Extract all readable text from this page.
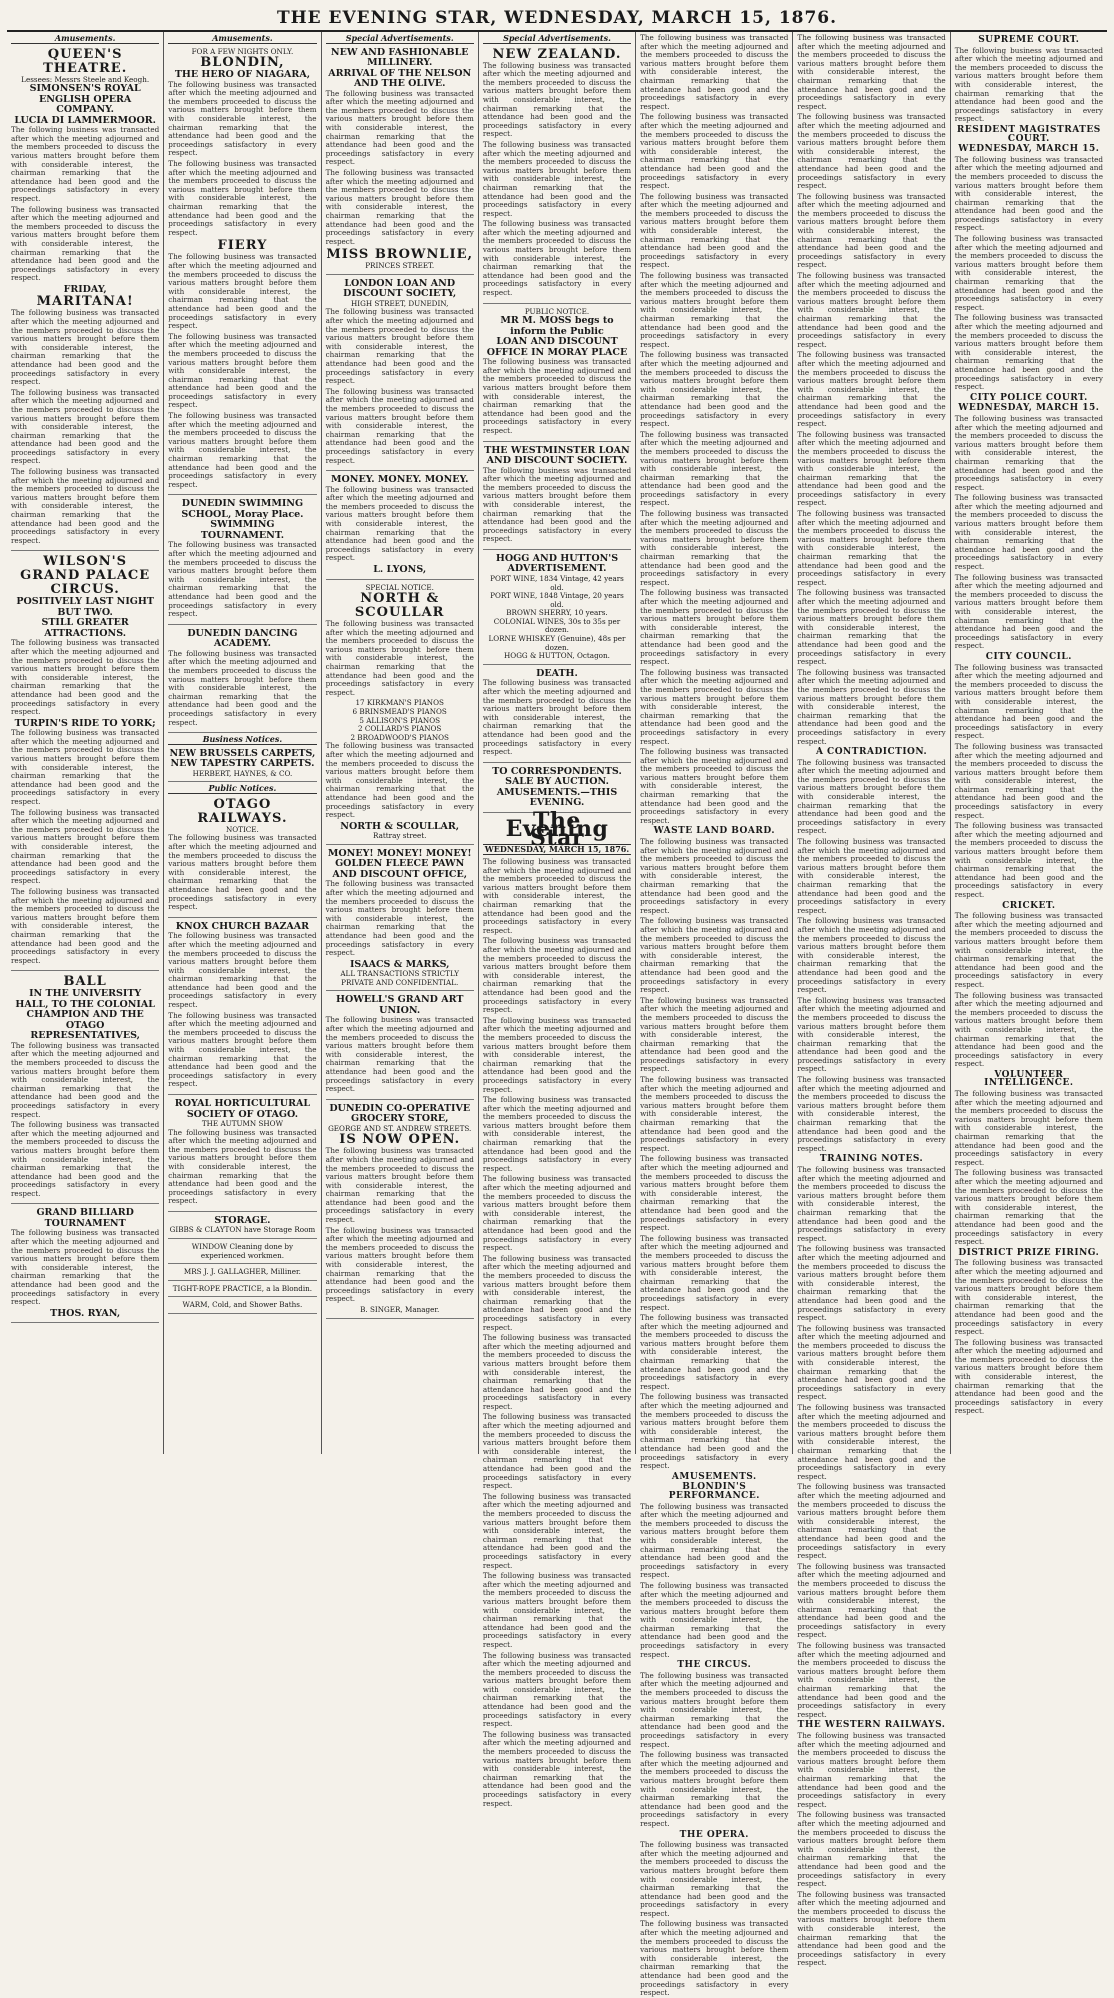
THE EVENING STAR, WEDNESDAY, MARCH 15, 1876.
Amusements.
QUEEN'S THEATRE.
Lessees: Messrs Steele and Keogh.
SIMONSEN'S ROYAL ENGLISH OPERA COMPANY.
LUCIA DI LAMMERMOOR.

The following business was transacted after which the meeting adjourned and the members proceeded to discuss the various matters brought before them with considerable interest, the chairman remarking that the attendance had been good and the proceedings satisfactory in every respect.

The following business was transacted after which the meeting adjourned and the members proceeded to discuss the various matters brought before them with considerable interest, the chairman remarking that the attendance had been good and the proceedings satisfactory in every respect.

FRIDAY,
MARITANA!

The following business was transacted after which the meeting adjourned and the members proceeded to discuss the various matters brought before them with considerable interest, the chairman remarking that the attendance had been good and the proceedings satisfactory in every respect.

The following business was transacted after which the meeting adjourned and the members proceeded to discuss the various matters brought before them with considerable interest, the chairman remarking that the attendance had been good and the proceedings satisfactory in every respect.

The following business was transacted after which the meeting adjourned and the members proceeded to discuss the various matters brought before them with considerable interest, the chairman remarking that the attendance had been good and the proceedings satisfactory in every respect.

WILSON'S GRAND PALACE CIRCUS.
POSITIVELY LAST NIGHT BUT TWO.
STILL GREATER ATTRACTIONS.

The following business was transacted after which the meeting adjourned and the members proceeded to discuss the various matters brought before them with considerable interest, the chairman remarking that the attendance had been good and the proceedings satisfactory in every respect.

TURPIN'S RIDE TO YORK;

The following business was transacted after which the meeting adjourned and the members proceeded to discuss the various matters brought before them with considerable interest, the chairman remarking that the attendance had been good and the proceedings satisfactory in every respect.

The following business was transacted after which the meeting adjourned and the members proceeded to discuss the various matters brought before them with considerable interest, the chairman remarking that the attendance had been good and the proceedings satisfactory in every respect.

The following business was transacted after which the meeting adjourned and the members proceeded to discuss the various matters brought before them with considerable interest, the chairman remarking that the attendance had been good and the proceedings satisfactory in every respect.

BALL
IN THE UNIVERSITY HALL, TO THE COLONIAL CHAMPION AND THE OTAGO REPRESENTATIVES,

The following business was transacted after which the meeting adjourned and the members proceeded to discuss the various matters brought before them with considerable interest, the chairman remarking that the attendance had been good and the proceedings satisfactory in every respect.

The following business was transacted after which the meeting adjourned and the members proceeded to discuss the various matters brought before them with considerable interest, the chairman remarking that the attendance had been good and the proceedings satisfactory in every respect.

GRAND BILLIARD TOURNAMENT

The following business was transacted after which the meeting adjourned and the members proceeded to discuss the various matters brought before them with considerable interest, the chairman remarking that the attendance had been good and the proceedings satisfactory in every respect.

THOS. RYAN,
Amusements.
FOR A FEW NIGHTS ONLY.
BLONDIN,
THE HERO OF NIAGARA,

The following business was transacted after which the meeting adjourned and the members proceeded to discuss the various matters brought before them with considerable interest, the chairman remarking that the attendance had been good and the proceedings satisfactory in every respect.

The following business was transacted after which the meeting adjourned and the members proceeded to discuss the various matters brought before them with considerable interest, the chairman remarking that the attendance had been good and the proceedings satisfactory in every respect.

FIERY

The following business was transacted after which the meeting adjourned and the members proceeded to discuss the various matters brought before them with considerable interest, the chairman remarking that the attendance had been good and the proceedings satisfactory in every respect.

The following business was transacted after which the meeting adjourned and the members proceeded to discuss the various matters brought before them with considerable interest, the chairman remarking that the attendance had been good and the proceedings satisfactory in every respect.

The following business was transacted after which the meeting adjourned and the members proceeded to discuss the various matters brought before them with considerable interest, the chairman remarking that the attendance had been good and the proceedings satisfactory in every respect.

DUNEDIN SWIMMING SCHOOL, Moray Place.
SWIMMING TOURNAMENT.

The following business was transacted after which the meeting adjourned and the members proceeded to discuss the various matters brought before them with considerable interest, the chairman remarking that the attendance had been good and the proceedings satisfactory in every respect.

DUNEDIN DANCING ACADEMY.

The following business was transacted after which the meeting adjourned and the members proceeded to discuss the various matters brought before them with considerable interest, the chairman remarking that the attendance had been good and the proceedings satisfactory in every respect.

Business Notices.
NEW BRUSSELS CARPETS, NEW TAPESTRY CARPETS.
HERBERT, HAYNES, & CO.
Public Notices.
OTAGO RAILWAYS.
NOTICE.

The following business was transacted after which the meeting adjourned and the members proceeded to discuss the various matters brought before them with considerable interest, the chairman remarking that the attendance had been good and the proceedings satisfactory in every respect.

KNOX CHURCH BAZAAR

The following business was transacted after which the meeting adjourned and the members proceeded to discuss the various matters brought before them with considerable interest, the chairman remarking that the attendance had been good and the proceedings satisfactory in every respect.

The following business was transacted after which the meeting adjourned and the members proceeded to discuss the various matters brought before them with considerable interest, the chairman remarking that the attendance had been good and the proceedings satisfactory in every respect.

ROYAL HORTICULTURAL SOCIETY OF OTAGO.
THE AUTUMN SHOW

The following business was transacted after which the meeting adjourned and the members proceeded to discuss the various matters brought before them with considerable interest, the chairman remarking that the attendance had been good and the proceedings satisfactory in every respect.

STORAGE.
GIBBS & CLAYTON have Storage Room
WINDOW Cleaning done by experienced workmen.
MRS J. J. GALLAGHER, Milliner.
TIGHT-ROPE PRACTICE, a la Blondin.
WARM, Cold, and Shower Baths.
Special Advertisements.
NEW AND FASHIONABLE MILLINERY.
ARRIVAL OF THE NELSON AND THE OLIVE.

The following business was transacted after which the meeting adjourned and the members proceeded to discuss the various matters brought before them with considerable interest, the chairman remarking that the attendance had been good and the proceedings satisfactory in every respect.

The following business was transacted after which the meeting adjourned and the members proceeded to discuss the various matters brought before them with considerable interest, the chairman remarking that the attendance had been good and the proceedings satisfactory in every respect.

MISS BROWNLIE,
PRINCES STREET.
LONDON LOAN AND DISCOUNT SOCIETY,
HIGH STREET, DUNEDIN,

The following business was transacted after which the meeting adjourned and the members proceeded to discuss the various matters brought before them with considerable interest, the chairman remarking that the attendance had been good and the proceedings satisfactory in every respect.

The following business was transacted after which the meeting adjourned and the members proceeded to discuss the various matters brought before them with considerable interest, the chairman remarking that the attendance had been good and the proceedings satisfactory in every respect.

MONEY. MONEY. MONEY.

The following business was transacted after which the meeting adjourned and the members proceeded to discuss the various matters brought before them with considerable interest, the chairman remarking that the attendance had been good and the proceedings satisfactory in every respect.

L. LYONS,
SPECIAL NOTICE.
NORTH & SCOULLAR

The following business was transacted after which the meeting adjourned and the members proceeded to discuss the various matters brought before them with considerable interest, the chairman remarking that the attendance had been good and the proceedings satisfactory in every respect.

17 KIRKMAN'S PIANOS
6 BRINSMEAD'S PIANOS
5 ALLISON'S PIANOS
2 COLLARD'S PIANOS
2 BROADWOOD'S PIANOS

The following business was transacted after which the meeting adjourned and the members proceeded to discuss the various matters brought before them with considerable interest, the chairman remarking that the attendance had been good and the proceedings satisfactory in every respect.

NORTH & SCOULLAR,
Rattray street.
MONEY! MONEY! MONEY!
GOLDEN FLEECE PAWN AND DISCOUNT OFFICE,

The following business was transacted after which the meeting adjourned and the members proceeded to discuss the various matters brought before them with considerable interest, the chairman remarking that the attendance had been good and the proceedings satisfactory in every respect.

ISAACS & MARKS,
ALL TRANSACTIONS STRICTLY PRIVATE AND CONFIDENTIAL.
HOWELL'S GRAND ART UNION.

The following business was transacted after which the meeting adjourned and the members proceeded to discuss the various matters brought before them with considerable interest, the chairman remarking that the attendance had been good and the proceedings satisfactory in every respect.

DUNEDIN CO-OPERATIVE GROCERY STORE,
GEORGE AND ST. ANDREW STREETS.
IS NOW OPEN.

The following business was transacted after which the meeting adjourned and the members proceeded to discuss the various matters brought before them with considerable interest, the chairman remarking that the attendance had been good and the proceedings satisfactory in every respect.

The following business was transacted after which the meeting adjourned and the members proceeded to discuss the various matters brought before them with considerable interest, the chairman remarking that the attendance had been good and the proceedings satisfactory in every respect.

B. SINGER, Manager.
Special Advertisements.
NEW ZEALAND.

The following business was transacted after which the meeting adjourned and the members proceeded to discuss the various matters brought before them with considerable interest, the chairman remarking that the attendance had been good and the proceedings satisfactory in every respect.

The following business was transacted after which the meeting adjourned and the members proceeded to discuss the various matters brought before them with considerable interest, the chairman remarking that the attendance had been good and the proceedings satisfactory in every respect.

The following business was transacted after which the meeting adjourned and the members proceeded to discuss the various matters brought before them with considerable interest, the chairman remarking that the attendance had been good and the proceedings satisfactory in every respect.

PUBLIC NOTICE.
MR M. MOSS begs to inform the Public
LOAN AND DISCOUNT OFFICE IN MORAY PLACE

The following business was transacted after which the meeting adjourned and the members proceeded to discuss the various matters brought before them with considerable interest, the chairman remarking that the attendance had been good and the proceedings satisfactory in every respect.

THE WESTMINSTER LOAN AND DISCOUNT SOCIETY.

The following business was transacted after which the meeting adjourned and the members proceeded to discuss the various matters brought before them with considerable interest, the chairman remarking that the attendance had been good and the proceedings satisfactory in every respect.

HOGG AND HUTTON'S ADVERTISEMENT.
PORT WINE, 1834 Vintage, 42 years old.
PORT WINE, 1848 Vintage, 20 years old.
BROWN SHERRY, 10 years.
COLONIAL WINES, 30s to 35s per dozen.
LORNE WHISKEY (Genuine), 48s per dozen.
HOGG & HUTTON, Octagon.
DEATH.

The following business was transacted after which the meeting adjourned and the members proceeded to discuss the various matters brought before them with considerable interest, the chairman remarking that the attendance had been good and the proceedings satisfactory in every respect.

TO CORRESPONDENTS.
SALE BY AUCTION.
AMUSEMENTS.—THIS EVENING.
The Evening Star
WEDNESDAY, MARCH 15, 1876.

The following business was transacted after which the meeting adjourned and the members proceeded to discuss the various matters brought before them with considerable interest, the chairman remarking that the attendance had been good and the proceedings satisfactory in every respect.

The following business was transacted after which the meeting adjourned and the members proceeded to discuss the various matters brought before them with considerable interest, the chairman remarking that the attendance had been good and the proceedings satisfactory in every respect.

The following business was transacted after which the meeting adjourned and the members proceeded to discuss the various matters brought before them with considerable interest, the chairman remarking that the attendance had been good and the proceedings satisfactory in every respect.

The following business was transacted after which the meeting adjourned and the members proceeded to discuss the various matters brought before them with considerable interest, the chairman remarking that the attendance had been good and the proceedings satisfactory in every respect.

The following business was transacted after which the meeting adjourned and the members proceeded to discuss the various matters brought before them with considerable interest, the chairman remarking that the attendance had been good and the proceedings satisfactory in every respect.

The following business was transacted after which the meeting adjourned and the members proceeded to discuss the various matters brought before them with considerable interest, the chairman remarking that the attendance had been good and the proceedings satisfactory in every respect.

The following business was transacted after which the meeting adjourned and the members proceeded to discuss the various matters brought before them with considerable interest, the chairman remarking that the attendance had been good and the proceedings satisfactory in every respect.

The following business was transacted after which the meeting adjourned and the members proceeded to discuss the various matters brought before them with considerable interest, the chairman remarking that the attendance had been good and the proceedings satisfactory in every respect.

The following business was transacted after which the meeting adjourned and the members proceeded to discuss the various matters brought before them with considerable interest, the chairman remarking that the attendance had been good and the proceedings satisfactory in every respect.

The following business was transacted after which the meeting adjourned and the members proceeded to discuss the various matters brought before them with considerable interest, the chairman remarking that the attendance had been good and the proceedings satisfactory in every respect.

The following business was transacted after which the meeting adjourned and the members proceeded to discuss the various matters brought before them with considerable interest, the chairman remarking that the attendance had been good and the proceedings satisfactory in every respect.

The following business was transacted after which the meeting adjourned and the members proceeded to discuss the various matters brought before them with considerable interest, the chairman remarking that the attendance had been good and the proceedings satisfactory in every respect.

The following business was transacted after which the meeting adjourned and the members proceeded to discuss the various matters brought before them with considerable interest, the chairman remarking that the attendance had been good and the proceedings satisfactory in every respect.

The following business was transacted after which the meeting adjourned and the members proceeded to discuss the various matters brought before them with considerable interest, the chairman remarking that the attendance had been good and the proceedings satisfactory in every respect.

The following business was transacted after which the meeting adjourned and the members proceeded to discuss the various matters brought before them with considerable interest, the chairman remarking that the attendance had been good and the proceedings satisfactory in every respect.

The following business was transacted after which the meeting adjourned and the members proceeded to discuss the various matters brought before them with considerable interest, the chairman remarking that the attendance had been good and the proceedings satisfactory in every respect.

The following business was transacted after which the meeting adjourned and the members proceeded to discuss the various matters brought before them with considerable interest, the chairman remarking that the attendance had been good and the proceedings satisfactory in every respect.

The following business was transacted after which the meeting adjourned and the members proceeded to discuss the various matters brought before them with considerable interest, the chairman remarking that the attendance had been good and the proceedings satisfactory in every respect.

The following business was transacted after which the meeting adjourned and the members proceeded to discuss the various matters brought before them with considerable interest, the chairman remarking that the attendance had been good and the proceedings satisfactory in every respect.

The following business was transacted after which the meeting adjourned and the members proceeded to discuss the various matters brought before them with considerable interest, the chairman remarking that the attendance had been good and the proceedings satisfactory in every respect.

The following business was transacted after which the meeting adjourned and the members proceeded to discuss the various matters brought before them with considerable interest, the chairman remarking that the attendance had been good and the proceedings satisfactory in every respect.

The following business was transacted after which the meeting adjourned and the members proceeded to discuss the various matters brought before them with considerable interest, the chairman remarking that the attendance had been good and the proceedings satisfactory in every respect.

WASTE LAND BOARD.

The following business was transacted after which the meeting adjourned and the members proceeded to discuss the various matters brought before them with considerable interest, the chairman remarking that the attendance had been good and the proceedings satisfactory in every respect.

The following business was transacted after which the meeting adjourned and the members proceeded to discuss the various matters brought before them with considerable interest, the chairman remarking that the attendance had been good and the proceedings satisfactory in every respect.

The following business was transacted after which the meeting adjourned and the members proceeded to discuss the various matters brought before them with considerable interest, the chairman remarking that the attendance had been good and the proceedings satisfactory in every respect.

The following business was transacted after which the meeting adjourned and the members proceeded to discuss the various matters brought before them with considerable interest, the chairman remarking that the attendance had been good and the proceedings satisfactory in every respect.

The following business was transacted after which the meeting adjourned and the members proceeded to discuss the various matters brought before them with considerable interest, the chairman remarking that the attendance had been good and the proceedings satisfactory in every respect.

The following business was transacted after which the meeting adjourned and the members proceeded to discuss the various matters brought before them with considerable interest, the chairman remarking that the attendance had been good and the proceedings satisfactory in every respect.

The following business was transacted after which the meeting adjourned and the members proceeded to discuss the various matters brought before them with considerable interest, the chairman remarking that the attendance had been good and the proceedings satisfactory in every respect.

The following business was transacted after which the meeting adjourned and the members proceeded to discuss the various matters brought before them with considerable interest, the chairman remarking that the attendance had been good and the proceedings satisfactory in every respect.

AMUSEMENTS.
BLONDIN'S PERFORMANCE.

The following business was transacted after which the meeting adjourned and the members proceeded to discuss the various matters brought before them with considerable interest, the chairman remarking that the attendance had been good and the proceedings satisfactory in every respect.

The following business was transacted after which the meeting adjourned and the members proceeded to discuss the various matters brought before them with considerable interest, the chairman remarking that the attendance had been good and the proceedings satisfactory in every respect.

THE CIRCUS.

The following business was transacted after which the meeting adjourned and the members proceeded to discuss the various matters brought before them with considerable interest, the chairman remarking that the attendance had been good and the proceedings satisfactory in every respect.

The following business was transacted after which the meeting adjourned and the members proceeded to discuss the various matters brought before them with considerable interest, the chairman remarking that the attendance had been good and the proceedings satisfactory in every respect.

THE OPERA.

The following business was transacted after which the meeting adjourned and the members proceeded to discuss the various matters brought before them with considerable interest, the chairman remarking that the attendance had been good and the proceedings satisfactory in every respect.

The following business was transacted after which the meeting adjourned and the members proceeded to discuss the various matters brought before them with considerable interest, the chairman remarking that the attendance had been good and the proceedings satisfactory in every respect.

The following business was transacted after which the meeting adjourned and the members proceeded to discuss the various matters brought before them with considerable interest, the chairman remarking that the attendance had been good and the proceedings satisfactory in every respect.

The following business was transacted after which the meeting adjourned and the members proceeded to discuss the various matters brought before them with considerable interest, the chairman remarking that the attendance had been good and the proceedings satisfactory in every respect.

The following business was transacted after which the meeting adjourned and the members proceeded to discuss the various matters brought before them with considerable interest, the chairman remarking that the attendance had been good and the proceedings satisfactory in every respect.

The following business was transacted after which the meeting adjourned and the members proceeded to discuss the various matters brought before them with considerable interest, the chairman remarking that the attendance had been good and the proceedings satisfactory in every respect.

The following business was transacted after which the meeting adjourned and the members proceeded to discuss the various matters brought before them with considerable interest, the chairman remarking that the attendance had been good and the proceedings satisfactory in every respect.

The following business was transacted after which the meeting adjourned and the members proceeded to discuss the various matters brought before them with considerable interest, the chairman remarking that the attendance had been good and the proceedings satisfactory in every respect.

The following business was transacted after which the meeting adjourned and the members proceeded to discuss the various matters brought before them with considerable interest, the chairman remarking that the attendance had been good and the proceedings satisfactory in every respect.

The following business was transacted after which the meeting adjourned and the members proceeded to discuss the various matters brought before them with considerable interest, the chairman remarking that the attendance had been good and the proceedings satisfactory in every respect.

The following business was transacted after which the meeting adjourned and the members proceeded to discuss the various matters brought before them with considerable interest, the chairman remarking that the attendance had been good and the proceedings satisfactory in every respect.

A CONTRADICTION.

The following business was transacted after which the meeting adjourned and the members proceeded to discuss the various matters brought before them with considerable interest, the chairman remarking that the attendance had been good and the proceedings satisfactory in every respect.

The following business was transacted after which the meeting adjourned and the members proceeded to discuss the various matters brought before them with considerable interest, the chairman remarking that the attendance had been good and the proceedings satisfactory in every respect.

The following business was transacted after which the meeting adjourned and the members proceeded to discuss the various matters brought before them with considerable interest, the chairman remarking that the attendance had been good and the proceedings satisfactory in every respect.

The following business was transacted after which the meeting adjourned and the members proceeded to discuss the various matters brought before them with considerable interest, the chairman remarking that the attendance had been good and the proceedings satisfactory in every respect.

The following business was transacted after which the meeting adjourned and the members proceeded to discuss the various matters brought before them with considerable interest, the chairman remarking that the attendance had been good and the proceedings satisfactory in every respect.

TRAINING NOTES.

The following business was transacted after which the meeting adjourned and the members proceeded to discuss the various matters brought before them with considerable interest, the chairman remarking that the attendance had been good and the proceedings satisfactory in every respect.

The following business was transacted after which the meeting adjourned and the members proceeded to discuss the various matters brought before them with considerable interest, the chairman remarking that the attendance had been good and the proceedings satisfactory in every respect.

The following business was transacted after which the meeting adjourned and the members proceeded to discuss the various matters brought before them with considerable interest, the chairman remarking that the attendance had been good and the proceedings satisfactory in every respect.

The following business was transacted after which the meeting adjourned and the members proceeded to discuss the various matters brought before them with considerable interest, the chairman remarking that the attendance had been good and the proceedings satisfactory in every respect.

The following business was transacted after which the meeting adjourned and the members proceeded to discuss the various matters brought before them with considerable interest, the chairman remarking that the attendance had been good and the proceedings satisfactory in every respect.

The following business was transacted after which the meeting adjourned and the members proceeded to discuss the various matters brought before them with considerable interest, the chairman remarking that the attendance had been good and the proceedings satisfactory in every respect.

The following business was transacted after which the meeting adjourned and the members proceeded to discuss the various matters brought before them with considerable interest, the chairman remarking that the attendance had been good and the proceedings satisfactory in every respect.

THE WESTERN RAILWAYS.

The following business was transacted after which the meeting adjourned and the members proceeded to discuss the various matters brought before them with considerable interest, the chairman remarking that the attendance had been good and the proceedings satisfactory in every respect.

The following business was transacted after which the meeting adjourned and the members proceeded to discuss the various matters brought before them with considerable interest, the chairman remarking that the attendance had been good and the proceedings satisfactory in every respect.

The following business was transacted after which the meeting adjourned and the members proceeded to discuss the various matters brought before them with considerable interest, the chairman remarking that the attendance had been good and the proceedings satisfactory in every respect.

SUPREME COURT.

The following business was transacted after which the meeting adjourned and the members proceeded to discuss the various matters brought before them with considerable interest, the chairman remarking that the attendance had been good and the proceedings satisfactory in every respect.

RESIDENT MAGISTRATES COURT.
WEDNESDAY, MARCH 15.

The following business was transacted after which the meeting adjourned and the members proceeded to discuss the various matters brought before them with considerable interest, the chairman remarking that the attendance had been good and the proceedings satisfactory in every respect.

The following business was transacted after which the meeting adjourned and the members proceeded to discuss the various matters brought before them with considerable interest, the chairman remarking that the attendance had been good and the proceedings satisfactory in every respect.

The following business was transacted after which the meeting adjourned and the members proceeded to discuss the various matters brought before them with considerable interest, the chairman remarking that the attendance had been good and the proceedings satisfactory in every respect.

CITY POLICE COURT.
WEDNESDAY, MARCH 15.

The following business was transacted after which the meeting adjourned and the members proceeded to discuss the various matters brought before them with considerable interest, the chairman remarking that the attendance had been good and the proceedings satisfactory in every respect.

The following business was transacted after which the meeting adjourned and the members proceeded to discuss the various matters brought before them with considerable interest, the chairman remarking that the attendance had been good and the proceedings satisfactory in every respect.

The following business was transacted after which the meeting adjourned and the members proceeded to discuss the various matters brought before them with considerable interest, the chairman remarking that the attendance had been good and the proceedings satisfactory in every respect.

CITY COUNCIL.

The following business was transacted after which the meeting adjourned and the members proceeded to discuss the various matters brought before them with considerable interest, the chairman remarking that the attendance had been good and the proceedings satisfactory in every respect.

The following business was transacted after which the meeting adjourned and the members proceeded to discuss the various matters brought before them with considerable interest, the chairman remarking that the attendance had been good and the proceedings satisfactory in every respect.

The following business was transacted after which the meeting adjourned and the members proceeded to discuss the various matters brought before them with considerable interest, the chairman remarking that the attendance had been good and the proceedings satisfactory in every respect.

CRICKET.

The following business was transacted after which the meeting adjourned and the members proceeded to discuss the various matters brought before them with considerable interest, the chairman remarking that the attendance had been good and the proceedings satisfactory in every respect.

The following business was transacted after which the meeting adjourned and the members proceeded to discuss the various matters brought before them with considerable interest, the chairman remarking that the attendance had been good and the proceedings satisfactory in every respect.

VOLUNTEER INTELLIGENCE.

The following business was transacted after which the meeting adjourned and the members proceeded to discuss the various matters brought before them with considerable interest, the chairman remarking that the attendance had been good and the proceedings satisfactory in every respect.

The following business was transacted after which the meeting adjourned and the members proceeded to discuss the various matters brought before them with considerable interest, the chairman remarking that the attendance had been good and the proceedings satisfactory in every respect.

DISTRICT PRIZE FIRING.

The following business was transacted after which the meeting adjourned and the members proceeded to discuss the various matters brought before them with considerable interest, the chairman remarking that the attendance had been good and the proceedings satisfactory in every respect.

The following business was transacted after which the meeting adjourned and the members proceeded to discuss the various matters brought before them with considerable interest, the chairman remarking that the attendance had been good and the proceedings satisfactory in every respect.
